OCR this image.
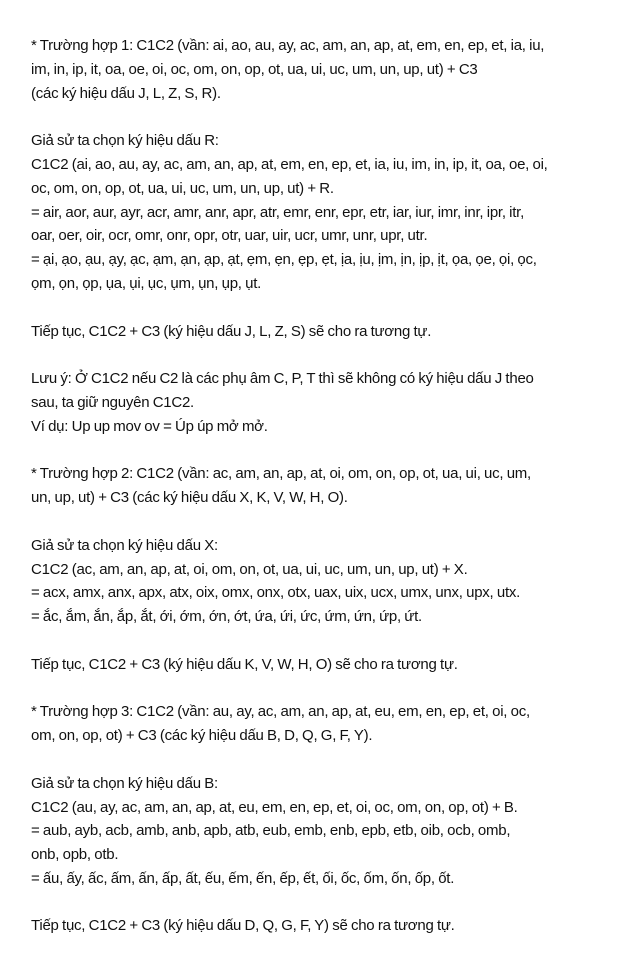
* Trường hợp 1: C1C2 (vần: ai, ao, au, ay, ac, am, an, ap, at, em, en, ep, et, ia, iu,
im, in, ip, it, oa, oe, oi, oc, om, on, op, ot, ua, ui, uc, um, un, up, ut) + C3
(các ký hiệu dấu J, L, Z, S, R).
Giả sử ta chọn ký hiệu dấu R:
C1C2 (ai, ao, au, ay, ac, am, an, ap, at, em, en, ep, et, ia, iu, im, in, ip, it, oa, oe, oi,
oc, om, on, op, ot, ua, ui, uc, um, un, up, ut) + R.
= air, aor, aur, ayr, acr, amr, anr, apr, atr, emr, enr, epr, etr, iar, iur, imr, inr, ipr, itr,
oar, oer, oir, ocr, omr, onr, opr, otr, uar, uir, ucr, umr, unr, upr, utr.
= ại, ạo, ạu, ạy, ạc, ạm, ạn, ạp, ạt, ẹm, ẹn, ẹp, ẹt, ịa, ịu, ịm, ịn, ịp, ịt, ọa, ọe, ọi, ọc,
ọm, ọn, ọp, ụa, ụi, ục, ụm, ụn, ụp, ụt.
Tiếp tục, C1C2 + C3 (ký hiệu dấu J, L, Z, S) sẽ cho ra tương tự.
Lưu ý: Ở C1C2 nếu C2 là các phụ âm C, P, T thì sẽ không có ký hiệu dấu J theo
sau, ta giữ nguyên C1C2.
Ví dụ: Up up mov ov = Úp úp mở mở.
* Trường hợp 2: C1C2 (vần: ac, am, an, ap, at, oi, om, on, op, ot, ua, ui, uc, um,
un, up, ut) + C3 (các ký hiệu dấu X, K, V, W, H, O).
Giả sử ta chọn ký hiệu dấu X:
C1C2 (ac, am, an, ap, at, oi, om, on, ot, ua, ui, uc, um, un, up, ut) + X.
= acx, amx, anx, apx, atx, oix, omx, onx, otx, uax, uix, ucx, umx, unx, upx, utx.
= ắc, ắm, ắn, ắp, ắt, ới, ớm, ớn, ớt, ứa, ứi, ức, ứm, ứn, ứp, ứt.
Tiếp tục, C1C2 + C3 (ký hiệu dấu K, V, W, H, O) sẽ cho ra tương tự.
* Trường hợp 3: C1C2 (vần: au, ay, ac, am, an, ap, at, eu, em, en, ep, et, oi, oc,
om, on, op, ot) + C3 (các ký hiệu dấu B, D, Q, G, F, Y).
Giả sử ta chọn ký hiệu dấu B:
C1C2 (au, ay, ac, am, an, ap, at, eu, em, en, ep, et, oi, oc, om, on, op, ot) + B.
= aub, ayb, acb, amb, anb, apb, atb, eub, emb, enb, epb, etb, oib, ocb, omb,
onb, opb, otb.
= ấu, ấy, ấc, ấm, ấn, ấp, ất, ếu, ếm, ến, ếp, ết, ối, ốc, ốm, ốn, ốp, ốt.
Tiếp tục, C1C2 + C3 (ký hiệu dấu D, Q, G, F, Y) sẽ cho ra tương tự.
